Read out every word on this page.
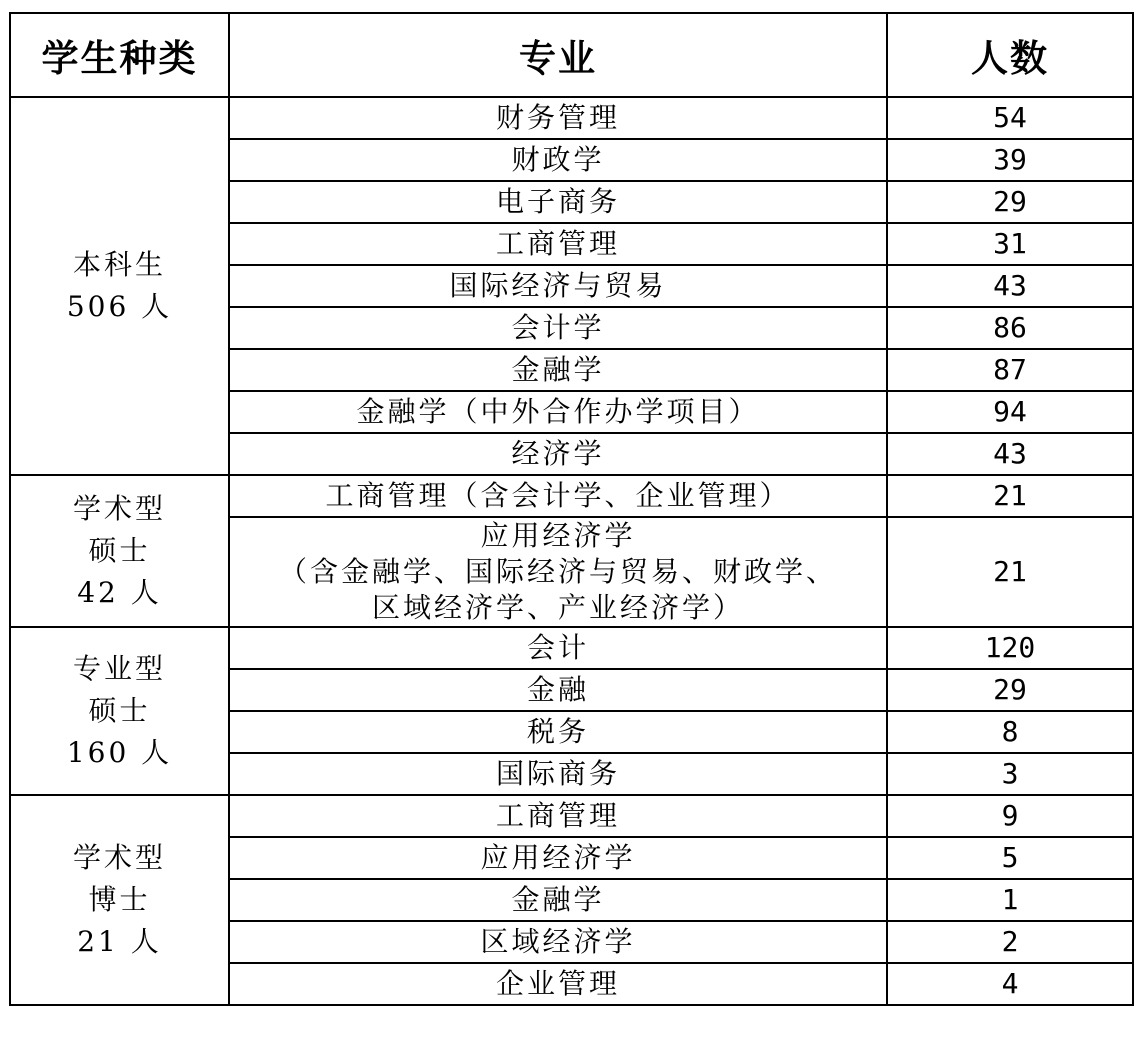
学生种类	专业	人数

本科生
506 人	财务管理	54
	财政学	39
	电子商务	29
	工商管理	31
	国际经济与贸易	43
	会计学	86
	金融学	87
	金融学（中外合作办学项目）	94
	经济学	43

学术型
硕士
42 人	工商管理（含会计学、企业管理）	21

	应用经济学
（含金融学、国际经济与贸易、财政学、
区域经济学、产业经济学）	21

专业型
硕士
160 人	会计	120
	金融	29
	税务	8
	国际商务	3

学术型
博士
21 人	工商管理	9
	应用经济学	5
	金融学	1
	区域经济学	2
	企业管理	4
